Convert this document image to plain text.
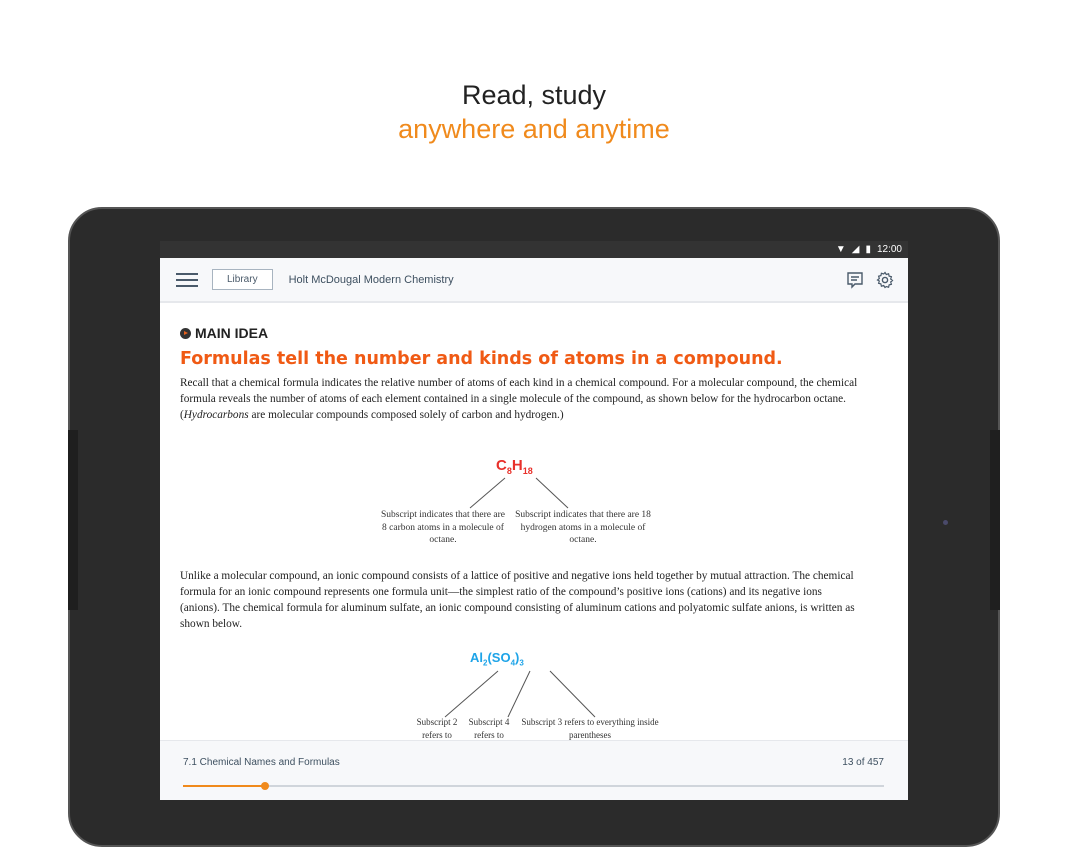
Read, study
anywhere and anytime
▼ ◢ ▮ 12:00
Library	Holt McDougal Modern Chemistry
MAIN IDEA
Formulas tell the number and kinds of atoms in a compound.

Recall that a chemical formula indicates the relative number of atoms of each kind in a chemical compound. For a molecular compound, the chemical formula reveals the number of atoms of each element contained in a single molecule of the compound, as shown below for the hydrocarbon octane. (Hydrocarbons are molecular compounds composed solely of carbon and hydrogen.)

$C_8H_{18}$
Subscript indicates that there are 8 carbon atoms in a molecule of octane.
Subscript indicates that there are 18 hydrogen atoms in a molecule of octane.

Unlike a molecular compound, an ionic compound consists of a lattice of positive and negative ions held together by mutual attraction. The chemical formula for an ionic compound represents one formula unit—the simplest ratio of the compound’s positive ions (cations) and its negative ions (anions). The chemical formula for aluminum sulfate, an ionic compound consisting of aluminum cations and polyatomic sulfate anions, is written as shown below.

$Al_2(SO_4)_3$
Subscript 2 refers to
Subscript 4 refers to
Subscript 3 refers to everything inside parentheses
7.1 Chemical Names and Formulas	13 of 457
